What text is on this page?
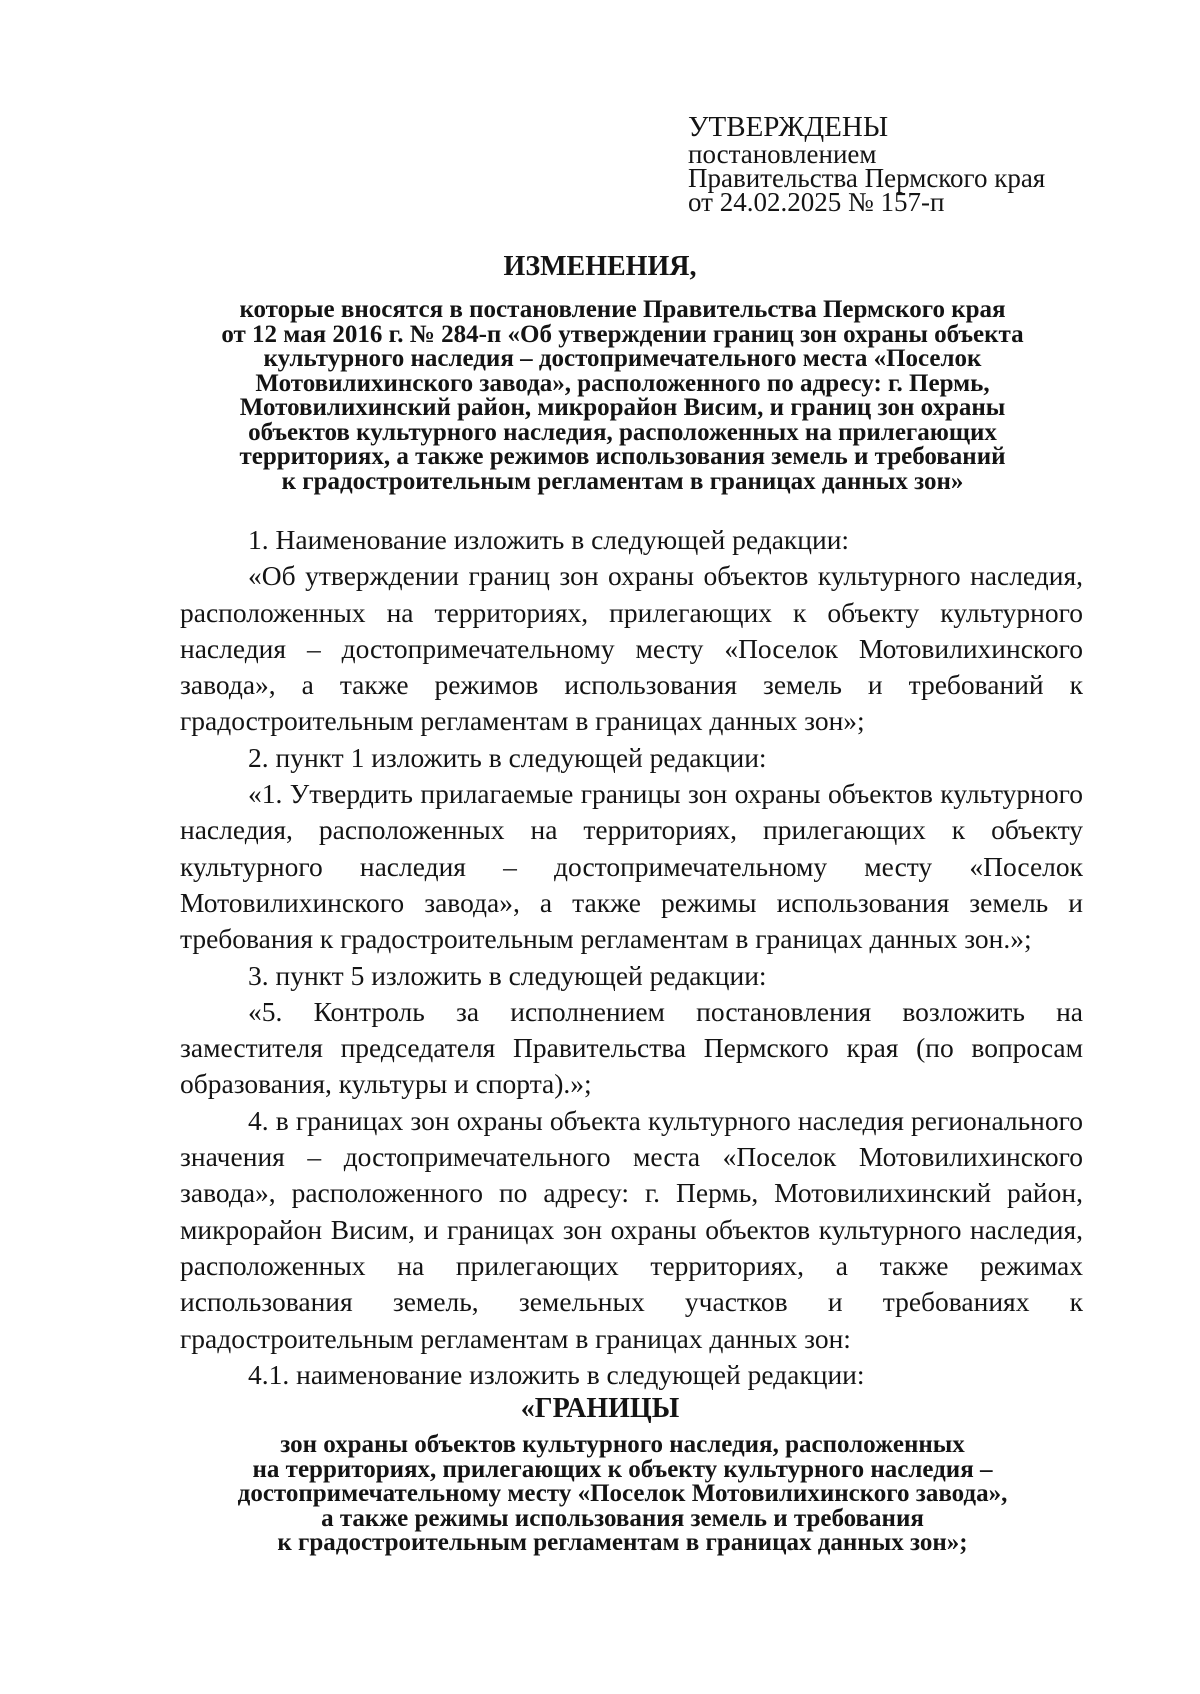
УТВЕРЖДЕНЫ
постановлением
Правительства Пермского края
от 24.02.2025 № 157-п
ИЗМЕНЕНИЯ,
которые вносятся в постановление Правительства Пермского края
от 12 мая 2016 г. № 284-п «Об утверждении границ зон охраны объекта
культурного наследия – достопримечательного места «Поселок
Мотовилихинского завода», расположенного по адресу: г. Пермь,
Мотовилихинский район, микрорайон Висим, и границ зон охраны
объектов культурного наследия, расположенных на прилегающих
территориях, а также режимов использования земель и требований
к градостроительным регламентам в границах данных зон»

1. Наименование изложить в следующей редакции:

«Об утверждении границ зон охраны объектов культурного наследия, расположенных на территориях, прилегающих к объекту культурного наследия – достопримечательному месту «Поселок Мотовилихинского завода», а также режимов использования земель и требований к градостроительным регламентам в границах данных зон»;

2. пункт 1 изложить в следующей редакции:

«1. Утвердить прилагаемые границы зон охраны объектов культурного наследия, расположенных на территориях, прилегающих к объекту культурного наследия – достопримечательному месту «Поселок Мотовилихинского завода», а также режимы использования земель и требования к градостроительным регламентам в границах данных зон.»;

3. пункт 5 изложить в следующей редакции:

«5. Контроль за исполнением постановления возложить на заместителя председателя Правительства Пермского края (по вопросам образования, культуры и спорта).»;

4. в границах зон охраны объекта культурного наследия регионального значения – достопримечательного места «Поселок Мотовилихинского завода», расположенного по адресу: г. Пермь, Мотовилихинский район, микрорайон Висим, и границах зон охраны объектов культурного наследия, расположенных на прилегающих территориях, а также режимах использования земель, земельных участков и требованиях к градостроительным регламентам в границах данных зон:

4.1. наименование изложить в следующей редакции:

«ГРАНИЦЫ
зон охраны объектов культурного наследия, расположенных
на территориях, прилегающих к объекту культурного наследия –
достопримечательному месту «Поселок Мотовилихинского завода»,
а также режимы использования земель и требования
к градостроительным регламентам в границах данных зон»;
